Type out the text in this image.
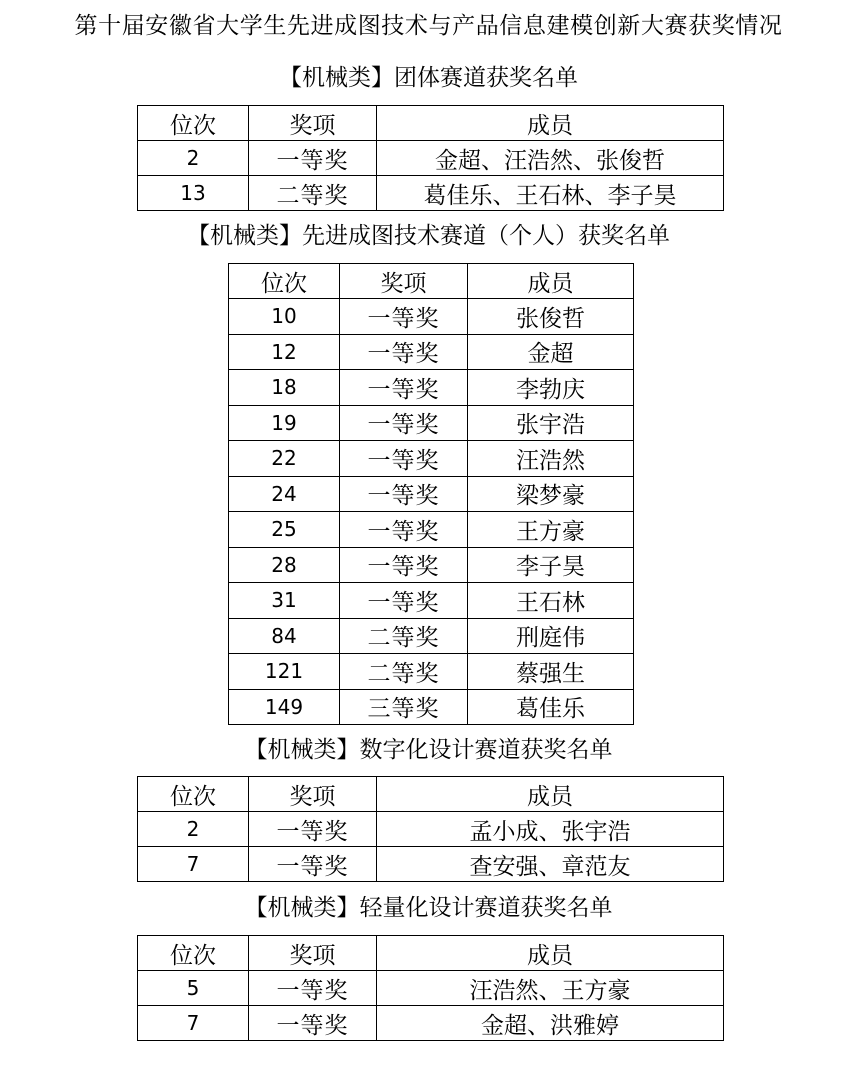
第十届安徽省大学生先进成图技术与产品信息建模创新大赛获奖情况
【机械类】团体赛道获奖名单
位次	奖项	成员
2	一等奖	金超、汪浩然、张俊哲
13	二等奖	葛佳乐、王石林、李子昊
【机械类】先进成图技术赛道（个人）获奖名单
位次	奖项	成员
10	一等奖	张俊哲
12	一等奖	金超
18	一等奖	李勃庆
19	一等奖	张宇浩
22	一等奖	汪浩然
24	一等奖	梁梦豪
25	一等奖	王方豪
28	一等奖	李子昊
31	一等奖	王石林
84	二等奖	刑庭伟
121	二等奖	蔡强生
149	三等奖	葛佳乐
【机械类】数字化设计赛道获奖名单
位次	奖项	成员
2	一等奖	孟小成、张宇浩
7	一等奖	查安强、章范友
【机械类】轻量化设计赛道获奖名单
位次	奖项	成员
5	一等奖	汪浩然、王方豪
7	一等奖	金超、洪雅婷
